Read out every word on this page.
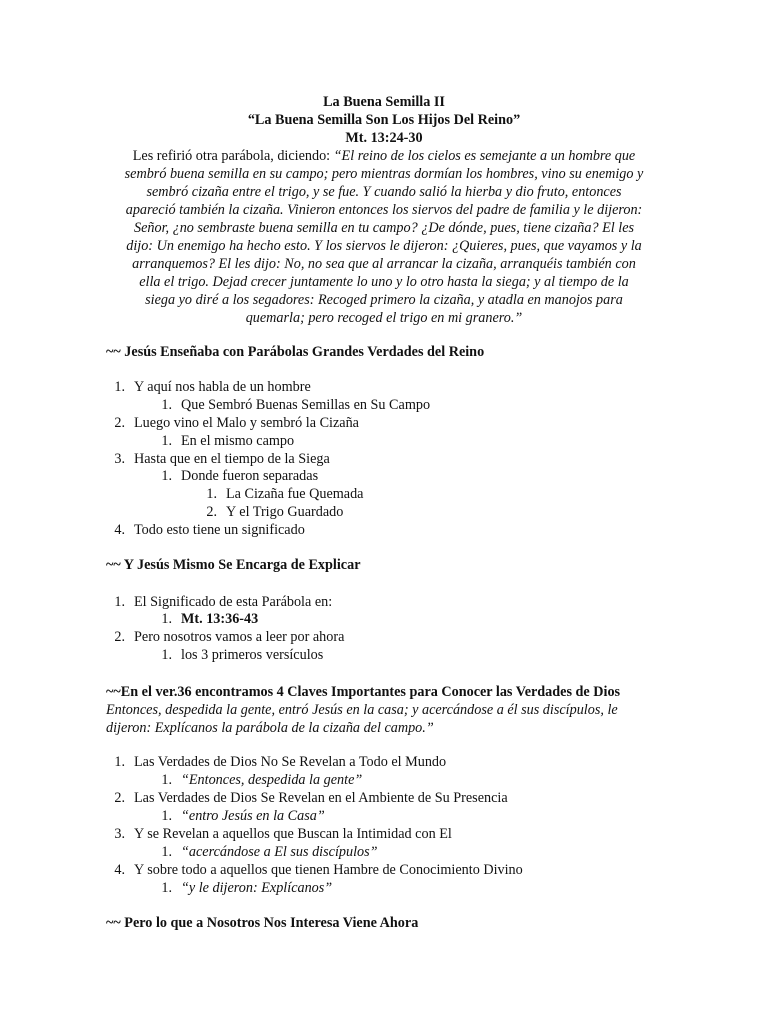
La Buena Semilla II
“La Buena Semilla Son Los Hijos Del Reino”
Mt. 13:24-30
Les refirió otra parábola, diciendo: “El reino de los cielos es semejante a un hombre que
sembró buena semilla en su campo; pero mientras dormían los hombres, vino su enemigo y
sembró cizaña entre el trigo, y se fue. Y cuando salió la hierba y dio fruto, entonces
apareció también la cizaña. Vinieron entonces los siervos del padre de familia y le dijeron:
Señor, ¿no sembraste buena semilla en tu campo? ¿De dónde, pues, tiene cizaña? El les
dijo: Un enemigo ha hecho esto. Y los siervos le dijeron: ¿Quieres, pues, que vayamos y la
arranquemos? El les dijo: No, no sea que al arrancar la cizaña, arranquéis también con
ella el trigo. Dejad crecer juntamente lo uno y lo otro hasta la siega; y al tiempo de la
siega yo diré a los segadores: Recoged primero la cizaña, y atadla en manojos para
quemarla; pero recoged el trigo en mi granero.”
~~ Jesús Enseñaba con Parábolas Grandes Verdades del Reino
1. Y aquí nos habla de un hombre
1. Que Sembró Buenas Semillas en Su Campo
2. Luego vino el Malo y sembró la Cizaña
1. En el mismo campo
3. Hasta que en el tiempo de la Siega
1. Donde fueron separadas
1. La Cizaña fue Quemada
2. Y el Trigo Guardado
4. Todo esto tiene un significado
~~ Y Jesús Mismo Se Encarga de Explicar
1. El Significado de esta Parábola en:
1. Mt. 13:36-43
2. Pero nosotros vamos a leer por ahora
1. los 3 primeros versículos
~~En el ver.36 encontramos 4 Claves Importantes para Conocer las Verdades de Dios
Entonces, despedida la gente, entró Jesús en la casa; y acercándose a él sus discípulos, le
dijeron: Explícanos la parábola de la cizaña del campo.”
1. Las Verdades de Dios No Se Revelan a Todo el Mundo
1. “Entonces, despedida la gente”
2. Las Verdades de Dios Se Revelan en el Ambiente de Su Presencia
1. “entro Jesús en la Casa”
3. Y se Revelan a aquellos que Buscan la Intimidad con El
1. “acercándose a El sus discípulos”
4. Y sobre todo a aquellos que tienen Hambre de Conocimiento Divino
1. “y le dijeron: Explícanos”
~~ Pero lo que a Nosotros Nos Interesa Viene Ahora
